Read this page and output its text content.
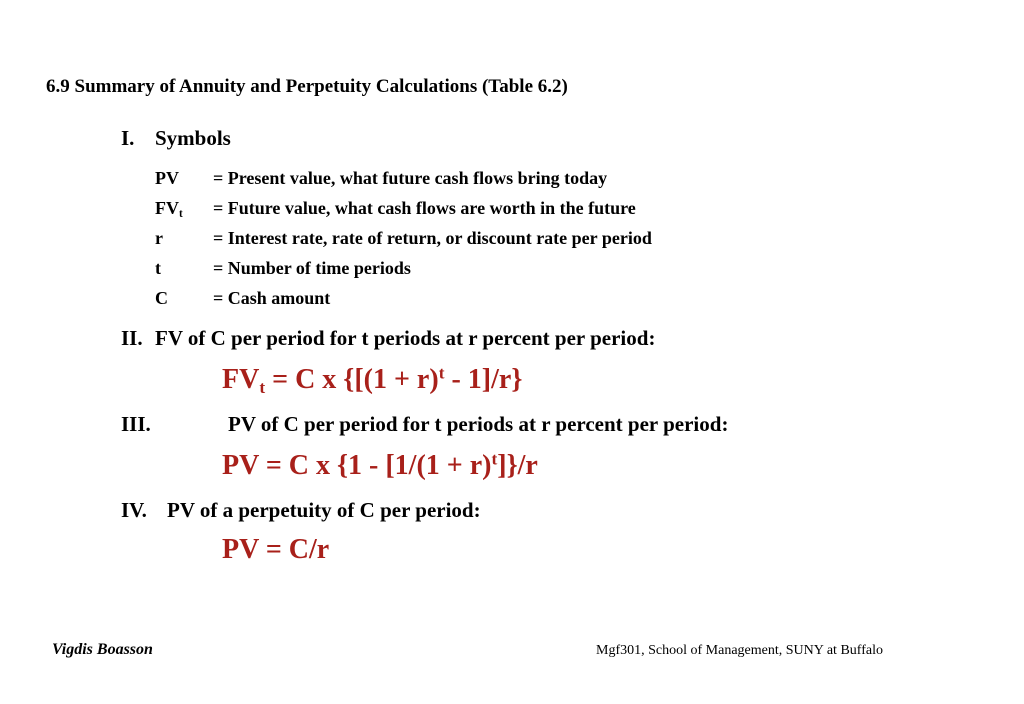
6.9 Summary of Annuity and Perpetuity Calculations (Table 6.2)
I. Symbols
PV = Present value, what future cash flows bring today
$FV_t$ = Future value, what cash flows are worth in the future
r	= Interest rate, rate of return, or discount rate per period
t	= Number of time periods
C	= Cash amount
II. FV of C per period for t periods at r percent per period:
$FV_t = C$ x $\{[(1 + r)^t - 1]/r\}$
III.	PV of C per period for t periods at r percent per period:
PV = C x $\{1 - [1/(1 + r)^t]\}/r$
IV. PV of a perpetuity of C per period:
PV = C/r
Vigdis Boasson	Mgf301, School of Management, SUNY at Buffalo
